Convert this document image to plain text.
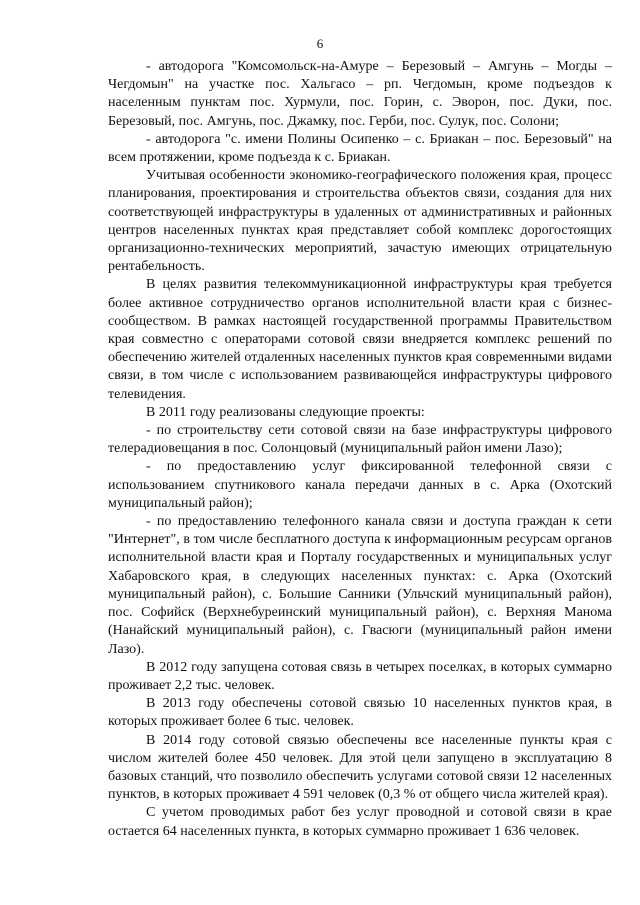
6

- автодорога "Комсомольск-на-Амуре – Березовый – Амгунь – Могды – Чегдомын" на участке пос. Хальгасо – рп. Чегдомын, кроме подъездов к населенным пунктам пос. Хурмули, пос. Горин, с. Эворон, пос. Дуки, пос. Березовый, пос. Амгунь, пос. Джамку, пос. Герби, пос. Сулук, пос. Солони;

- автодорога "с. имени Полины Осипенко – с. Бриакан – пос. Березовый" на всем протяжении, кроме подъезда к с. Бриакан.

Учитывая особенности экономико-географического положения края, процесс планирования, проектирования и строительства объектов связи, создания для них соответствующей инфраструктуры в удаленных от административных и районных центров населенных пунктах края представляет собой комплекс дорогостоящих организационно-технических мероприятий, зачастую имеющих отрицательную рентабельность.

В целях развития телекоммуникационной инфраструктуры края требуется более активное сотрудничество органов исполнительной власти края с бизнес-сообществом. В рамках настоящей государственной программы Правительством края совместно с операторами сотовой связи внедряется комплекс решений по обеспечению жителей отдаленных населенных пунктов края современными видами связи, в том числе с использованием развивающейся инфраструктуры цифрового телевидения.

В 2011 году реализованы следующие проекты:

- по строительству сети сотовой связи на базе инфраструктуры цифрового телерадиовещания в пос. Солонцовый (муниципальный район имени Лазо);

- по предоставлению услуг фиксированной телефонной связи с использованием спутникового канала передачи данных в с. Арка (Охотский муниципальный район);

- по предоставлению телефонного канала связи и доступа граждан к сети "Интернет", в том числе бесплатного доступа к информационным ресурсам органов исполнительной власти края и Порталу государственных и муниципальных услуг Хабаровского края, в следующих населенных пунктах: с. Арка (Охотский муниципальный район), с. Большие Санники (Ульчский муниципальный район), пос. Софийск (Верхнебуреинский муниципальный район), с. Верхняя Манома (Нанайский муниципальный район), с. Гвасюги (муниципальный район имени Лазо).

В 2012 году запущена сотовая связь в четырех поселках, в которых суммарно проживает 2,2 тыс. человек.

В 2013 году обеспечены сотовой связью 10 населенных пунктов края, в которых проживает более 6 тыс. человек.

В 2014 году сотовой связью обеспечены все населенные пункты края с числом жителей более 450 человек. Для этой цели запущено в эксплуатацию 8 базовых станций, что позволило обеспечить услугами сотовой связи 12 населенных пунктов, в которых проживает 4 591 человек (0,3 % от общего числа жителей края).

С учетом проводимых работ без услуг проводной и сотовой связи в крае остается 64 населенных пункта, в которых суммарно проживает 1 636 человек.
